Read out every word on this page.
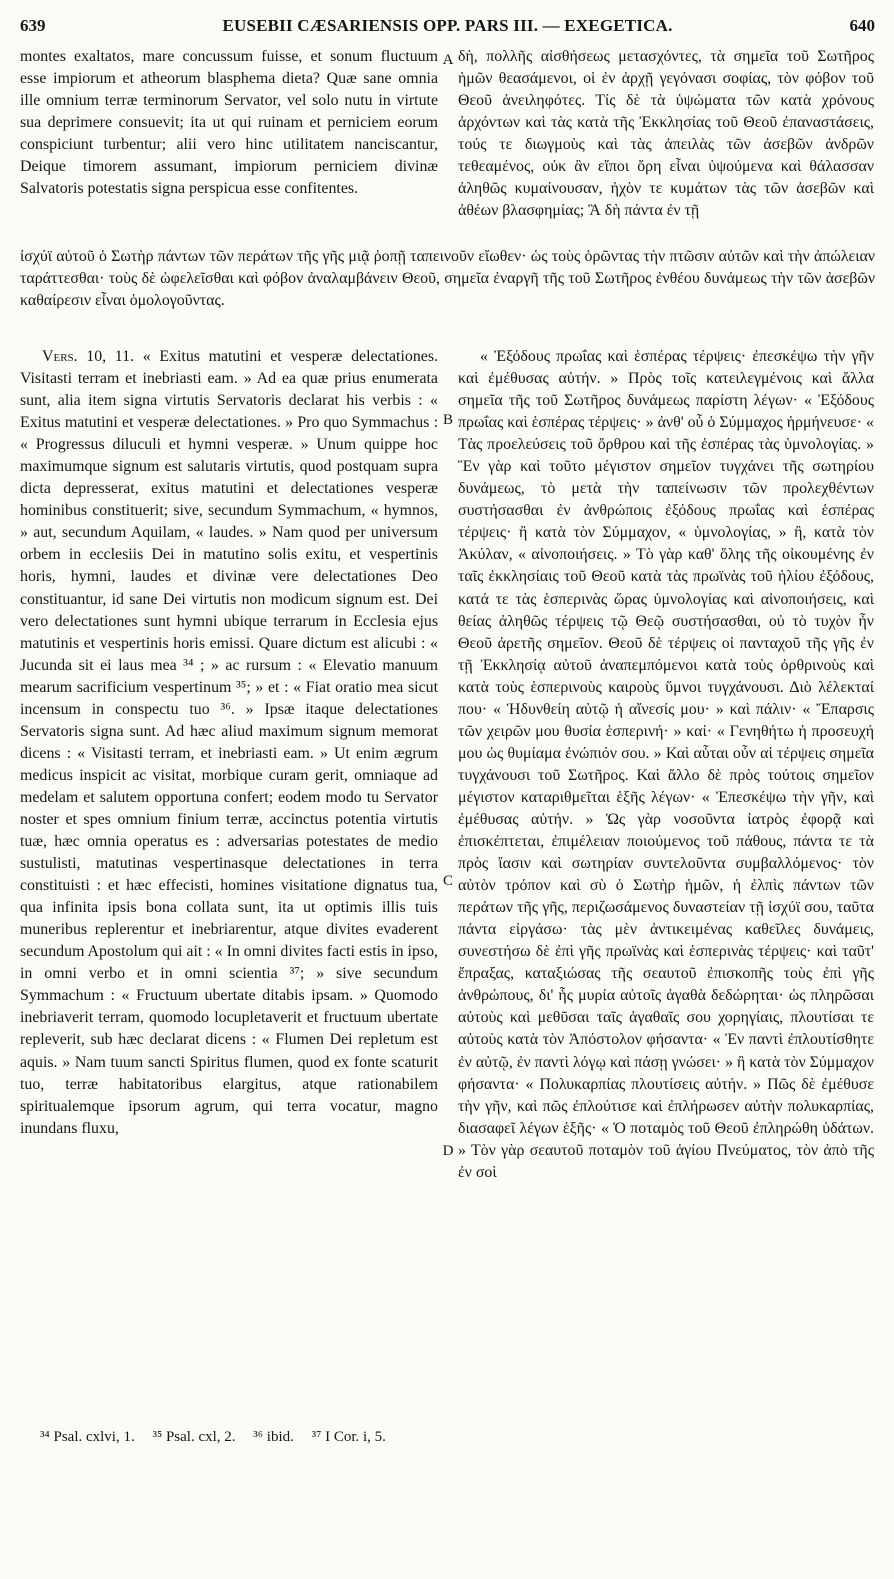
639	EUSEBII CÆSARIENSIS OPP. PARS III. — EXEGETICA.	640

montes exaltatos, mare concussum fuisse, et sonum fluctuum esse impiorum et atheorum blasphema dieta? Quæ sane omnia ille omnium terræ terminorum Servator, vel solo nutu in virtute sua deprimere consuevit; ita ut qui ruinam et perniciem eorum conspiciunt turbentur; alii vero hinc utilitatem nanciscantur, Deique timorem assumant, impiorum perniciem divinæ Salvatoris potestatis signa perspicua esse confitentes.

A δὴ, πολλῆς αἰσθήσεως μετασχόντες, τὰ σημεῖα τοῦ Σωτῆρος ἡμῶν θεασάμενοι, οἱ ἐν ἀρχῇ γεγόνασι σοφίας, τὸν φόβον τοῦ Θεοῦ ἀνειληφότες. Τίς δὲ τὰ ὑψώματα τῶν κατὰ χρόνους ἀρχόντων καὶ τὰς κατὰ τῆς Ἐκκλησίας τοῦ Θεοῦ ἐπαναστάσεις, τούς τε διωγμοὺς καὶ τὰς ἀπειλὰς τῶν ἀσεβῶν ἀνδρῶν τεθεαμένος, οὐκ ἂν εἴποι ὄρη εἶναι ὑψούμενα καὶ θάλασσαν ἀληθῶς κυμαίνουσαν, ἠχὸν τε κυμάτων τὰς τῶν ἀσεβῶν καὶ ἀθέων βλασφημίας; Ἃ δὴ πάντα ἐν τῇ

ἰσχύϊ αὐτοῦ ὁ Σωτὴρ πάντων τῶν περάτων τῆς γῆς μιᾷ ῥοπῇ ταπεινοῦν εἴωθεν· ὡς τοὺς ὁρῶντας τὴν πτῶσιν αὐτῶν καὶ τὴν ἀπώλειαν ταράττεσθαι· τοὺς δὲ ὠφελεῖσθαι καὶ φόβον ἀναλαμβάνειν Θεοῦ, σημεῖα ἐναργῆ τῆς τοῦ Σωτῆρος ἐνθέου δυνάμεως τὴν τῶν ἀσεβῶν καθαίρεσιν εἶναι ὁμολογοῦντας.

Vers. 10, 11. « Exitus matutini et vesperæ delectationes. Visitasti terram et inebriasti eam. » Ad ea quæ prius enumerata sunt, alia item signa virtutis Servatoris declarat his verbis : « Exitus matutini et vesperæ delectationes. » Pro quo Symmachus : « Progressus diluculi et hymni vesperæ. » Unum quippe hoc maximumque signum est salutaris virtutis, quod postquam supra dicta depresserat, exitus matutini et delectationes vesperæ hominibus constituerit; sive, secundum Symmachum, « hymnos, » aut, secundum Aquilam, « laudes. » Nam quod per universum orbem in ecclesiis Dei in matutino solis exitu, et vespertinis horis, hymni, laudes et divinæ vere delectationes Deo constituantur, id sane Dei virtutis non modicum signum est. Dei vero delectationes sunt hymni ubique terrarum in Ecclesia ejus matutinis et vespertinis horis emissi. Quare dictum est alicubi : « Jucunda sit ei laus mea ³⁴ ; » ac rursum : « Elevatio manuum mearum sacrificium vespertinum ³⁵; » et : « Fiat oratio mea sicut incensum in conspectu tuo ³⁶. » Ipsæ itaque delectationes Servatoris signa sunt. Ad hæc aliud maximum signum memorat dicens : « Visitasti terram, et inebriasti eam. » Ut enim ægrum medicus inspicit ac visitat, morbique curam gerit, omniaque ad medelam et salutem opportuna confert; eodem modo tu Servator noster et spes omnium finium terræ, accinctus potentia virtutis tuæ, hæc omnia operatus es : adversarias potestates de medio sustulisti, matutinas vespertinasque delectationes in terra constituisti : et hæc effecisti, homines visitatione dignatus tua, qua infinita ipsis bona collata sunt, ita ut optimis illis tuis muneribus replerentur et inebriarentur, atque divites evaderent secundum Apostolum qui ait : « In omni divites facti estis in ipso, in omni verbo et in omni scientia ³⁷; » sive secundum Symmachum : « Fructuum ubertate ditabis ipsam. » Quomodo inebriaverit terram, quomodo locupletaverit et fructuum ubertate repleverit, sub hæc declarat dicens : « Flumen Dei repletum est aquis. » Nam tuum sancti Spiritus flumen, quod ex fonte scaturit tuo, terræ habitatoribus elargitus, atque rationabilem spiritualemque ipsorum agrum, qui terra vocatur, magno inundans fluxu,

B
C
D

« Ἐξόδους πρωΐας καὶ ἑσπέρας τέρψεις· ἐπεσκέψω τὴν γῆν καὶ ἐμέθυσας αὐτήν. » Πρὸς τοῖς κατειλεγμένοις καὶ ἄλλα σημεῖα τῆς τοῦ Σωτῆρος δυνάμεως παρίστη λέγων· « Ἐξόδους πρωΐας καὶ ἑσπέρας τέρψεις· » ἀνθ' οὗ ὁ Σύμμαχος ἡρμήνευσε· « Τὰς προελεύσεις τοῦ ὄρθρου καὶ τῆς ἑσπέρας τὰς ὑμνολογίας. » Ἓν γὰρ καὶ τοῦτο μέγιστον σημεῖον τυγχάνει τῆς σωτηρίου δυνάμεως, τὸ μετὰ τὴν ταπείνωσιν τῶν προλεχθέντων συστήσασθαι ἐν ἀνθρώποις ἐξόδους πρωΐας καὶ ἑσπέρας τέρψεις· ἢ κατὰ τὸν Σύμμαχον, « ὑμνολογίας, » ἢ, κατὰ τὸν Ἀκύλαν, « αἰνοποιήσεις. » Τὸ γὰρ καθ' ὅλης τῆς οἰκουμένης ἐν ταῖς ἐκκλησίαις τοῦ Θεοῦ κατὰ τὰς πρωϊνὰς τοῦ ἡλίου ἐξόδους, κατά τε τὰς ἑσπερινὰς ὥρας ὑμνολογίας καὶ αἰνοποιήσεις, καὶ θείας ἀληθῶς τέρψεις τῷ Θεῷ συστήσασθαι, οὐ τὸ τυχὸν ἦν Θεοῦ ἀρετῆς σημεῖον. Θεοῦ δὲ τέρψεις οἱ πανταχοῦ τῆς γῆς ἐν τῇ Ἐκκλησίᾳ αὐτοῦ ἀναπεμπόμενοι κατὰ τοὺς ὀρθρινοὺς καὶ κατὰ τοὺς ἑσπερινοὺς καιροὺς ὕμνοι τυγχάνουσι. Διὸ λέλεκταί που· « Ἡδυνθείη αὐτῷ ἡ αἴνεσίς μου· » καὶ πάλιν· « Ἔπαρσις τῶν χειρῶν μου θυσία ἑσπερινή· » καί· « Γενηθήτω ἡ προσευχή μου ὡς θυμίαμα ἐνώπιόν σου. » Καὶ αὗται οὖν αἱ τέρψεις σημεῖα τυγχάνουσι τοῦ Σωτῆρος. Καὶ ἄλλο δὲ πρὸς τούτοις σημεῖον μέγιστον καταριθμεῖται ἑξῆς λέγων· « Ἐπεσκέψω τὴν γῆν, καὶ ἐμέθυσας αὐτήν. » Ὡς γὰρ νοσοῦντα ἰατρὸς ἐφορᾷ καὶ ἐπισκέπτεται, ἐπιμέλειαν ποιούμενος τοῦ πάθους, πάντα τε τὰ πρὸς ἴασιν καὶ σωτηρίαν συντελοῦντα συμβαλλόμενος· τὸν αὐτὸν τρόπον καὶ σὺ ὁ Σωτὴρ ἡμῶν, ἡ ἐλπὶς πάντων τῶν περάτων τῆς γῆς, περιζωσάμενος δυναστείαν τῇ ἰσχύϊ σου, ταῦτα πάντα εἰργάσω· τὰς μὲν ἀντικειμένας καθεῖλες δυνάμεις, συνεστήσω δὲ ἐπὶ γῆς πρωϊνὰς καὶ ἑσπερινὰς τέρψεις· καὶ ταῦτ' ἔπραξας, καταξιώσας τῆς σεαυτοῦ ἐπισκοπῆς τοὺς ἐπὶ γῆς ἀνθρώπους, δι' ἧς μυρία αὐτοῖς ἀγαθὰ δεδώρηται· ὡς πληρῶσαι αὐτοὺς καὶ μεθῦσαι ταῖς ἀγαθαῖς σου χορηγίαις, πλουτίσαι τε αὐτοὺς κατὰ τὸν Ἀπόστολον φήσαντα· « Ἐν παντὶ ἐπλουτίσθητε ἐν αὐτῷ, ἐν παντὶ λόγῳ καὶ πάσῃ γνώσει· » ἢ κατὰ τὸν Σύμμαχον φήσαντα· « Πολυκαρπίας πλουτίσεις αὐτήν. » Πῶς δὲ ἐμέθυσε τὴν γῆν, καὶ πῶς ἐπλούτισε καὶ ἐπλήρωσεν αὐτὴν πολυκαρπίας, διασαφεῖ λέγων ἑξῆς· « Ὁ ποταμὸς τοῦ Θεοῦ ἐπληρώθη ὑδάτων. » Τὸν γὰρ σεαυτοῦ ποταμὸν τοῦ ἁγίου Πνεύματος, τὸν ἀπὸ τῆς ἐν σοὶ

³⁴ Psal. cxlvi, 1. ³⁵ Psal. cxl, 2. ³⁶ ibid. ³⁷ I Cor. i, 5.
